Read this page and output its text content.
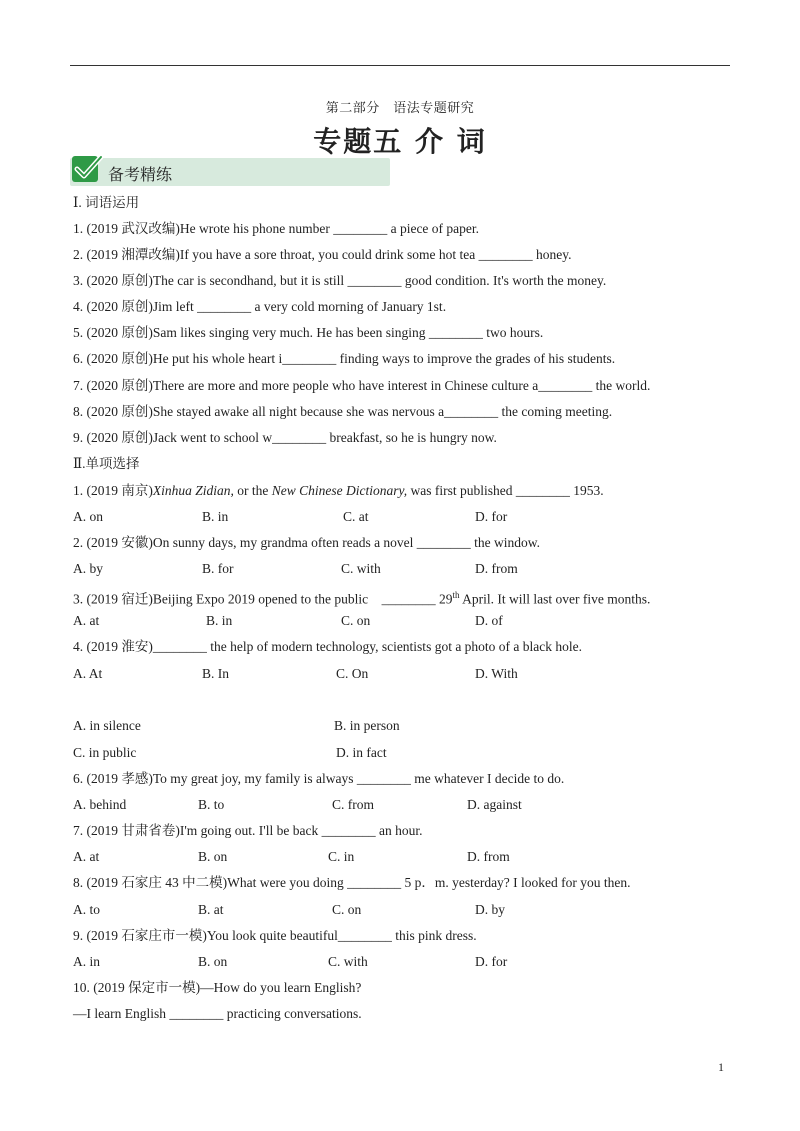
第二部分　语法专题研究
专题五 介 词
备考精练
Ⅰ. 词语运用
1. (2019 武汉改编)He wrote his phone number ________ a piece of paper.
2. (2019 湘潭改编)If you have a sore throat, you could drink some hot tea ________ honey.
3. (2020 原创)The car is secondhand, but it is still ________ good condition. It's worth the money.
4. (2020 原创)Jim left ________ a very cold morning of January 1st.
5. (2020 原创)Sam likes singing very much. He has been singing ________ two hours.
6. (2020 原创)He put his whole heart i________ finding ways to improve the grades of his students.
7. (2020 原创)There are more and more people who have interest in Chinese culture a________ the world.
8. (2020 原创)She stayed awake all night because she was nervous a________ the coming meeting.
9. (2020 原创)Jack went to school w________ breakfast, so he is hungry now.
Ⅱ.单项选择
1. (2019 南京)Xinhua Zidian, or the New Chinese Dictionary, was first published ________ 1953.
A. on	B. in	C. at	D. for
2. (2019 安徽)On sunny days, my grandma often reads a novel ________ the window.
A. by	B. for	C. with	D. from
3. (2019 宿迁)Beijing Expo 2019 opened to the public　________ 29th April. It will last over five months.
A. at	B. in	C. on	D. of
4. (2019 淮安)________ the help of modern technology, scientists got a photo of a black hole.
A. At	B. In	C. On	D. With
A. in silence	B. in person
C. in public	D. in fact
6. (2019 孝感)To my great joy, my family is always ________ me whatever I decide to do.
A. behind	B. to	C. from	D. against
7. (2019 甘肃省卷)I'm going out. I'll be back ________ an hour.
A. at	B. on	C. in	D. from
8. (2019 石家庄 43 中二模)What were you doing ________ 5 p．m. yesterday? I looked for you then.
A. to	B. at	C. on	D. by
9. (2019 石家庄市一模)You look quite beautiful________ this pink dress.
A. in	B. on	C. with	D. for
10. (2019 保定市一模)—How do you learn English?
—I learn English ________ practicing conversations.
1
